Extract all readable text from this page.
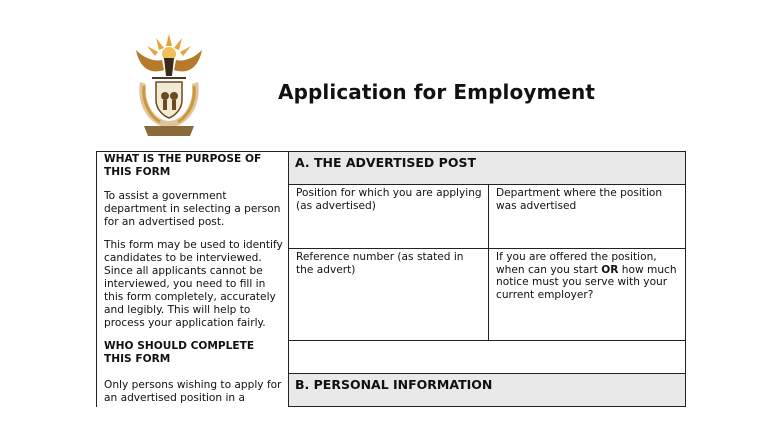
Application for Employment
WHAT IS THE PURPOSE OF THIS FORM

To assist a government department in selecting a person for an advertised post.

This form may be used to identify candidates to be interviewed. Since all applicants cannot be interviewed, you need to fill in this form completely, accurately and legibly. This will help to process your application fairly.

WHO SHOULD COMPLETE THIS FORM

Only persons wishing to apply for an advertised position in a

A. THE ADVERTISED POST
Position for which you are applying (as advertised)
Department where the position was advertised
Reference number (as stated in the advert)
If you are offered the position, when can you start OR how much notice must you serve with your current employer?
B. PERSONAL INFORMATION
